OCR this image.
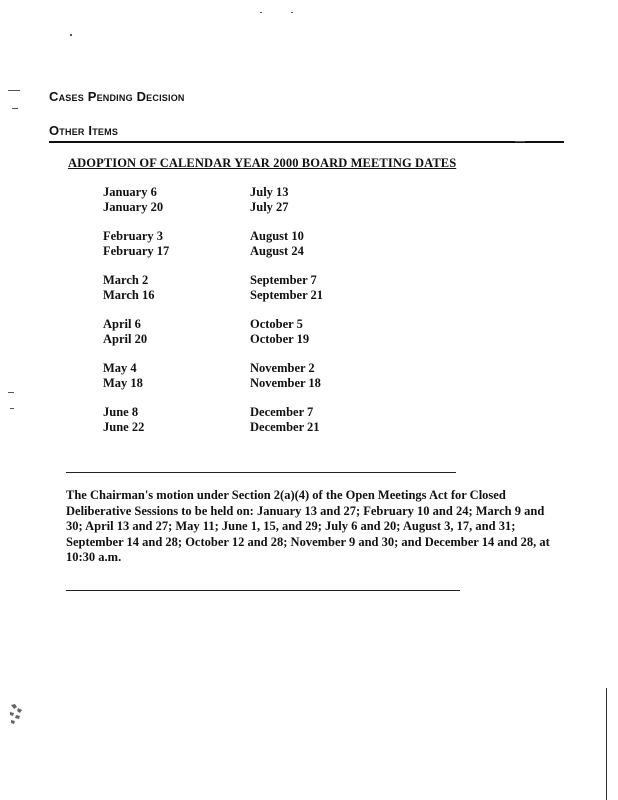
Cases Pending Decision
Other Items
ADOPTION OF CALENDAR YEAR 2000 BOARD MEETING DATES
January 6
January 20
February 3
February 17
March 2
March 16
April 6
April 20
May 4
May 18
June 8
June 22
July 13
July 27
August 10
August 24
September 7
September 21
October 5
October 19
November 2
November 18
December 7
December 21
The Chairman's motion under Section 2(a)(4) of the Open Meetings Act for Closed Deliberative Sessions to be held on: January 13 and 27; February 10 and 24; March 9 and 30; April 13 and 27; May 11; June 1, 15, and 29; July 6 and 20; August 3, 17, and 31; September 14 and 28; October 12 and 28; November 9 and 30; and December 14 and 28, at 10:30 a.m.
